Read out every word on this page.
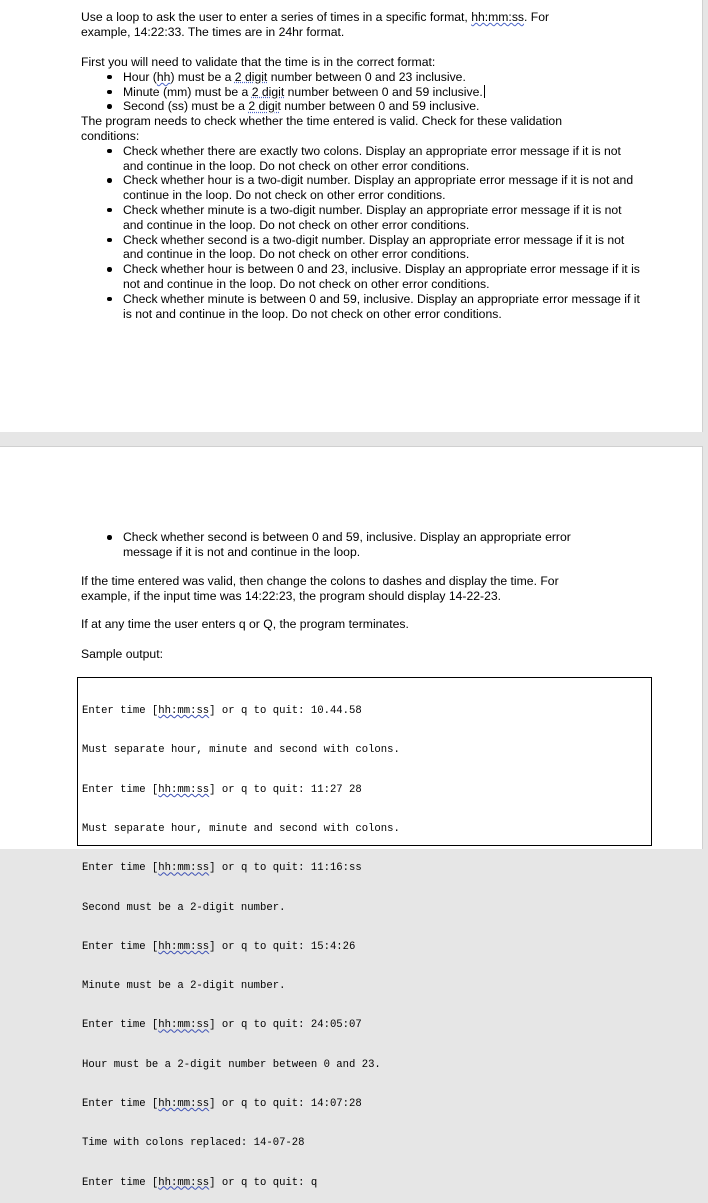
Use a loop to ask the user to enter a series of times in a specific format, hh:mm:ss. For

example, 14:22:33. The times are in 24hr format.

First you will need to validate that the time is in the correct format:

Hour (hh) must be a 2 digit number between 0 and 23 inclusive.
Minute (mm) must be a 2 digit number between 0 and 59 inclusive.
Second (ss) must be a 2 digit number between 0 and 59 inclusive.

The program needs to check whether the time entered is valid. Check for these validation conditions:

Check whether there are exactly two colons. Display an appropriate error message if it is not and continue in the loop. Do not check on other error conditions.
Check whether hour is a two-digit number. Display an appropriate error message if it is not and continue in the loop. Do not check on other error conditions.
Check whether minute is a two-digit number. Display an appropriate error message if it is not and continue in the loop. Do not check on other error conditions.
Check whether second is a two-digit number. Display an appropriate error message if it is not and continue in the loop. Do not check on other error conditions.
Check whether hour is between 0 and 23, inclusive. Display an appropriate error message if it is not and continue in the loop. Do not check on other error conditions.
Check whether minute is between 0 and 59, inclusive. Display an appropriate error message if it is not and continue in the loop. Do not check on other error conditions.
Check whether second is between 0 and 59, inclusive. Display an appropriate error message if it is not and continue in the loop.

If the time entered was valid, then change the colons to dashes and display the time. For example, if the input time was 14:22:23, the program should display 14-22-23.

If at any time the user enters q or Q, the program terminates.

Sample output:

Enter time [hh:mm:ss] or q to quit: 10.44.58

Must separate hour, minute and second with colons.

Enter time [hh:mm:ss] or q to quit: 11:27 28

Must separate hour, minute and second with colons.

Enter time [hh:mm:ss] or q to quit: 11:16:ss

Second must be a 2-digit number.

Enter time [hh:mm:ss] or q to quit: 15:4:26

Minute must be a 2-digit number.

Enter time [hh:mm:ss] or q to quit: 24:05:07

Hour must be a 2-digit number between 0 and 23.

Enter time [hh:mm:ss] or q to quit: 14:07:28

Time with colons replaced: 14-07-28

Enter time [hh:mm:ss] or q to quit: q
